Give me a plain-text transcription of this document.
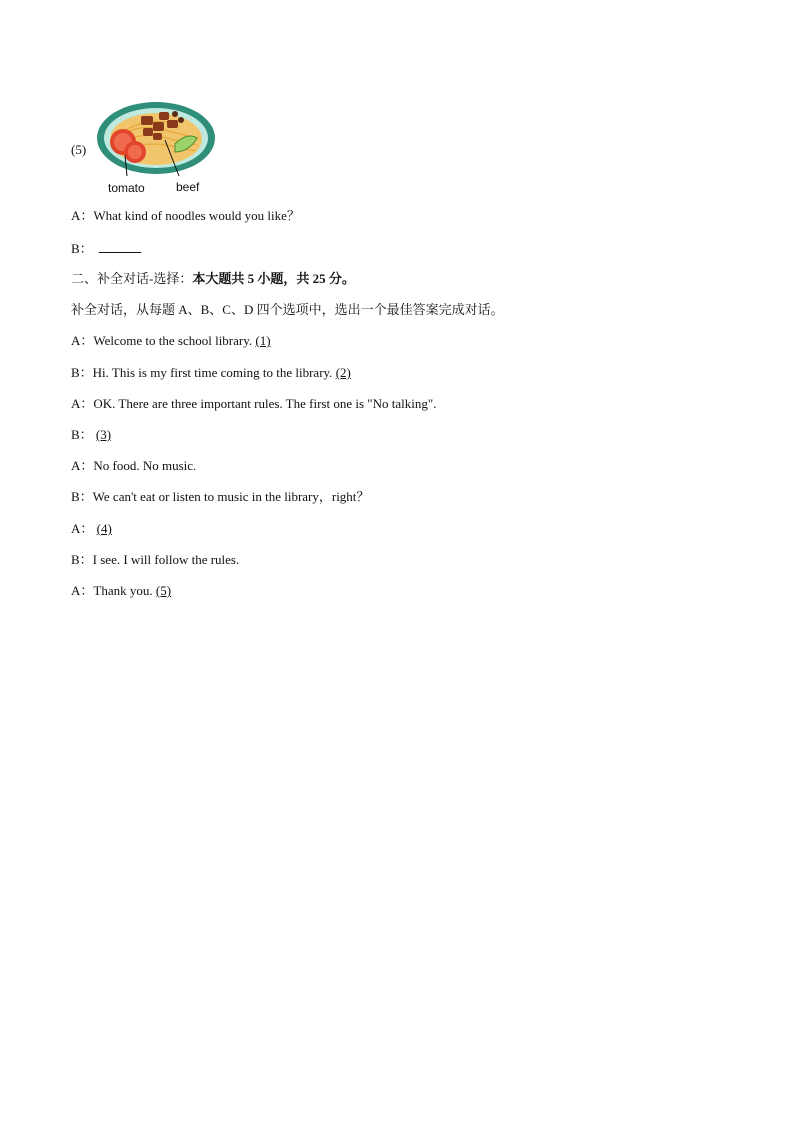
(5)
tomato	beef
A：What kind of noodles would you like？
B：
二、补全对话-选择：本大题共 5 小题，共 25 分。
补全对话，从每题 A、B、C、D 四个选项中，选出一个最佳答案完成对话。
A：Welcome to the school library. (1)
B：Hi. This is my first time coming to the library. (2)
A：OK. There are three important rules. The first one is "No talking".
B： (3)
A：No food. No music.
B：We can't eat or listen to music in the library，right？
A： (4)
B：I see. I will follow the rules.
A：Thank you. (5)
